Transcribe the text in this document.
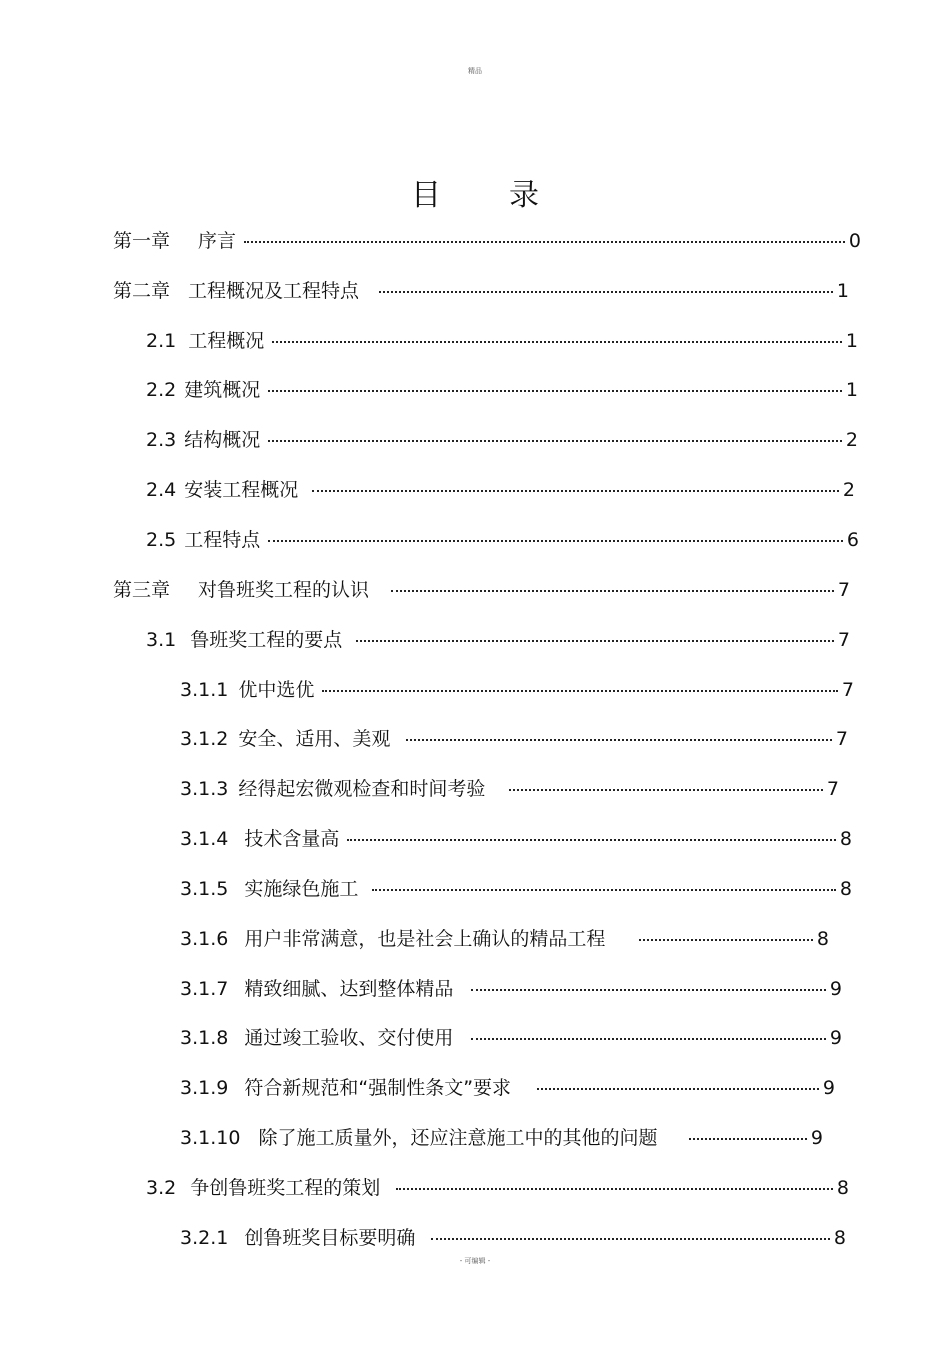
精品
目录
第一章 序言	0
第二章 工程概况及工程特点	1
2.1 工程概况	1
2.2 建筑概况	1
2.3 结构概况	2
2.4 安装工程概况	2
2.5 工程特点	6
第三章 对鲁班奖工程的认识	7
3.1 鲁班奖工程的要点	7
3.1.1 优中选优	7
3.1.2 安全、适用、美观	7
3.1.3 经得起宏微观检查和时间考验	7
3.1.4 技术含量高	8
3.1.5 实施绿色施工	8
3.1.6 用户非常满意，也是社会上确认的精品工程	8
3.1.7 精致细腻、达到整体精品	9
3.1.8 通过竣工验收、交付使用	9
3.1.9 符合新规范和“强制性条文”要求	9
3.1.10 除了施工质量外，还应注意施工中的其他的问题	9
3.2 争创鲁班奖工程的策划	8
3.2.1 创鲁班奖目标要明确	8
- 可编辑 -
